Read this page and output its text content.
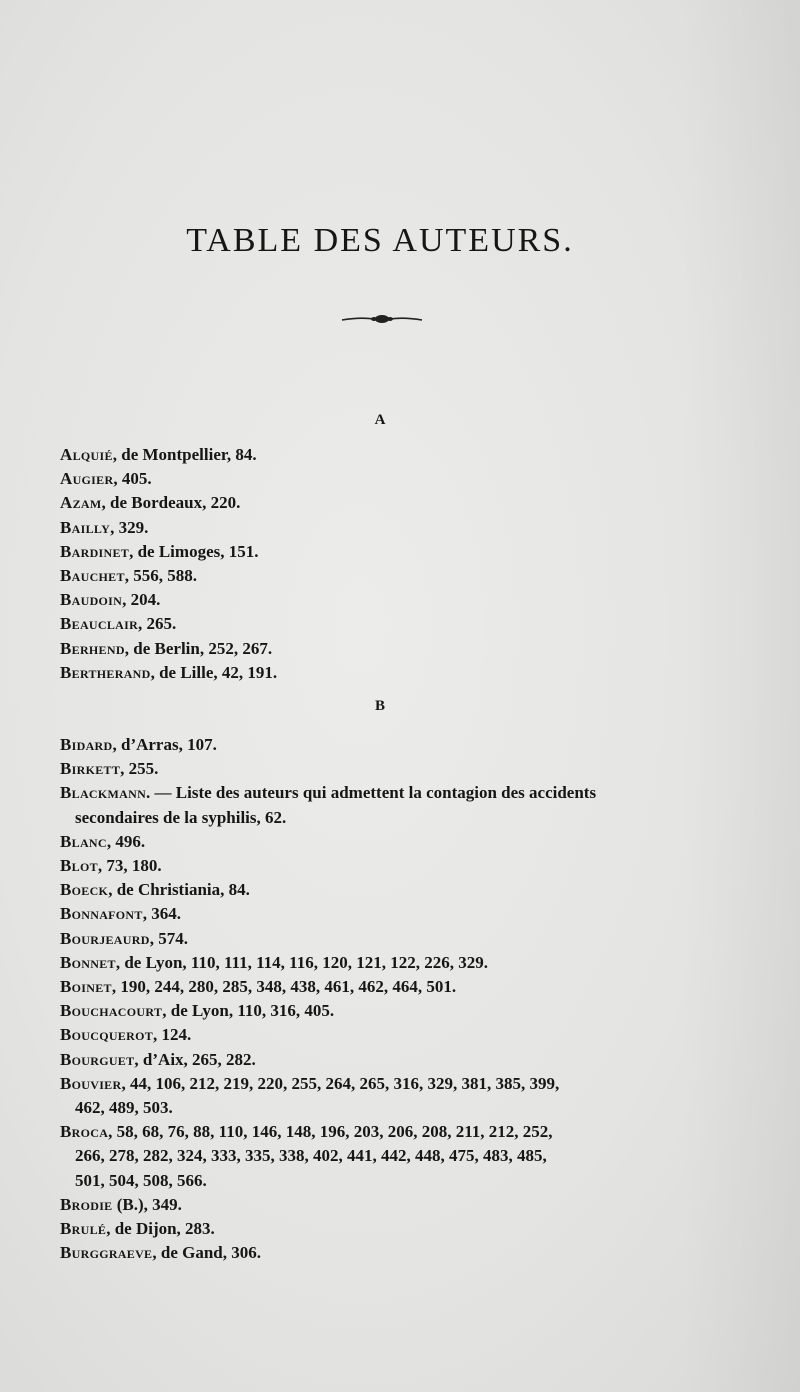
TABLE DES AUTEURS.
A
Alquié, de Montpellier, 84.
Augier, 405.
Azam, de Bordeaux, 220.
Bailly, 329.
Bardinet, de Limoges, 151.
Bauchet, 556, 588.
Baudoin, 204.
Beauclair, 265.
Berhend, de Berlin, 252, 267.
Bertherand, de Lille, 42, 191.
B
Bidard, d’Arras, 107.
Birkett, 255.
Blackmann. — Liste des auteurs qui admettent la contagion des accidents
secondaires de la syphilis, 62.
Blanc, 496.
Blot, 73, 180.
Boeck, de Christiania, 84.
Bonnafont, 364.
Bourjeaurd, 574.
Bonnet, de Lyon, 110, 111, 114, 116, 120, 121, 122, 226, 329.
Boinet, 190, 244, 280, 285, 348, 438, 461, 462, 464, 501.
Bouchacourt, de Lyon, 110, 316, 405.
Boucquerot, 124.
Bourguet, d’Aix, 265, 282.
Bouvier, 44, 106, 212, 219, 220, 255, 264, 265, 316, 329, 381, 385, 399,
462, 489, 503.
Broca, 58, 68, 76, 88, 110, 146, 148, 196, 203, 206, 208, 211, 212, 252,
266, 278, 282, 324, 333, 335, 338, 402, 441, 442, 448, 475, 483, 485,
501, 504, 508, 566.
Brodie (B.), 349.
Brulé, de Dijon, 283.
Burggraeve, de Gand, 306.
